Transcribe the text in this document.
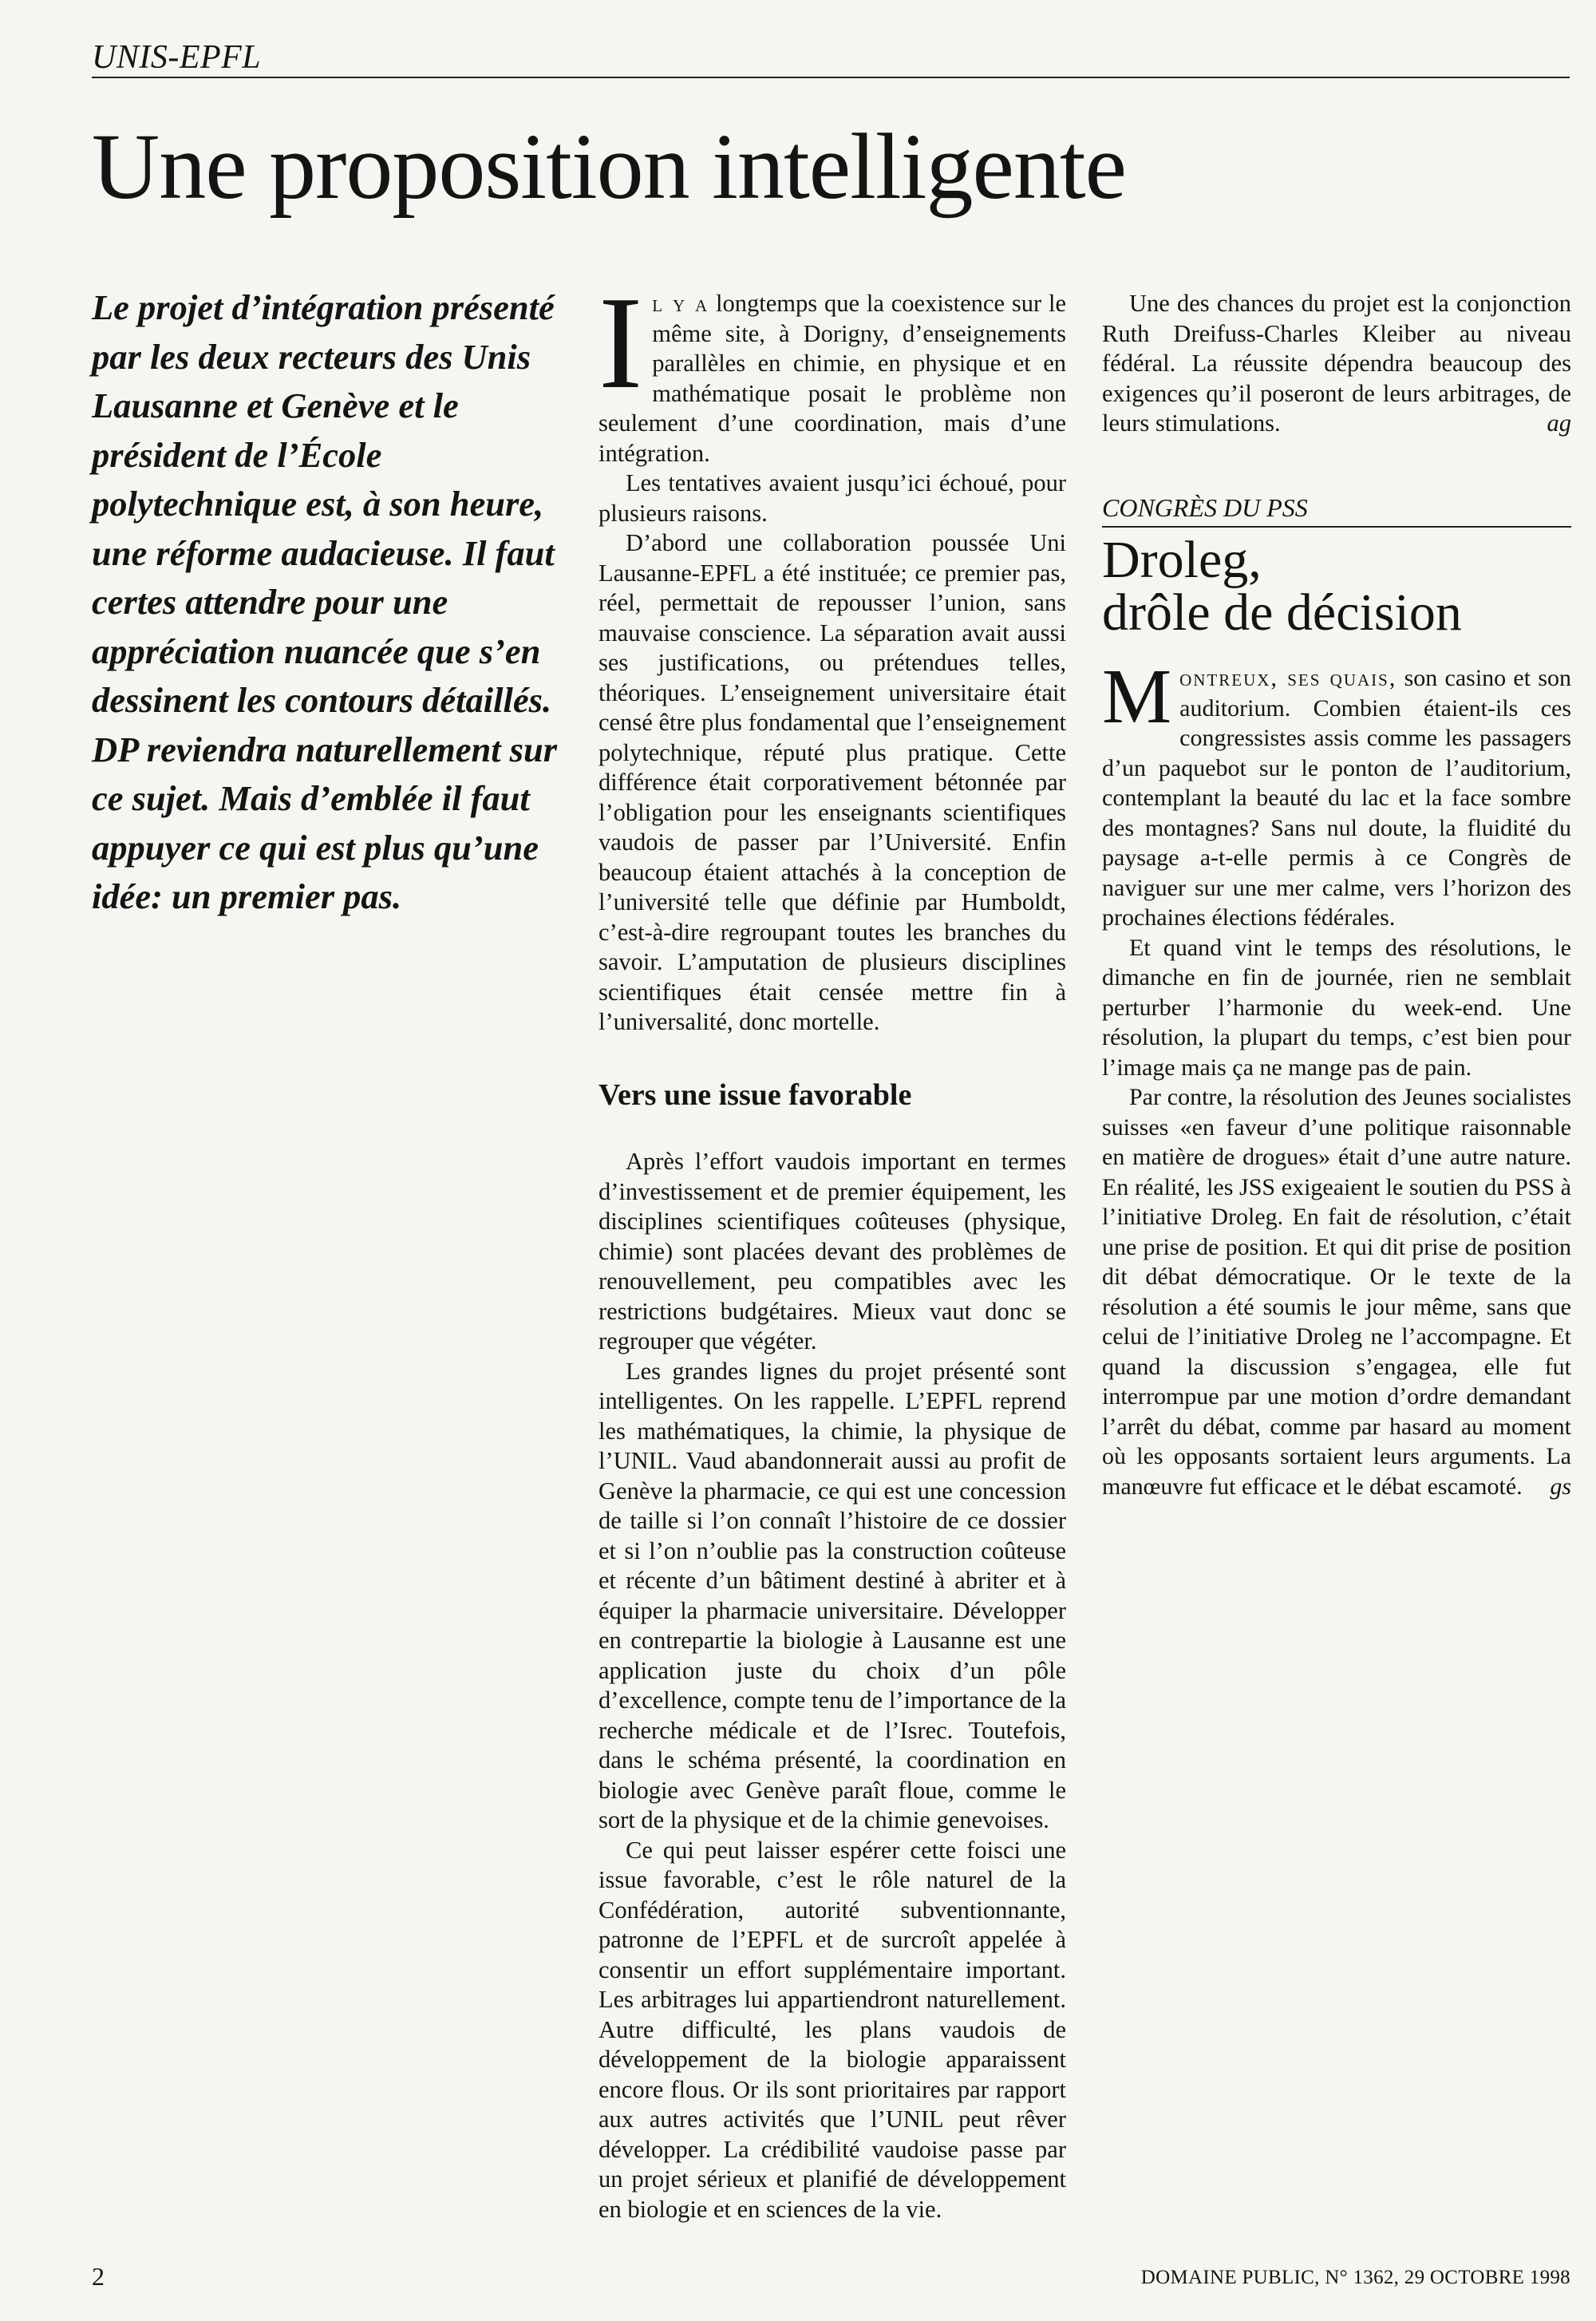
UNIS-EPFL
Une proposition intelligente

Le projet d’intégration présenté par les deux recteurs des Unis Lausanne et Genève et le président de l’École polytechnique est, à son heure, une réforme audacieuse. Il faut certes attendre pour une appréciation nuancée que s’en dessinent les contours détaillés. DP reviendra naturellement sur ce sujet. Mais d’emblée il faut appuyer ce qui est plus qu’une idée: un premier pas.

Il y a longtemps que la coexistence sur le même site, à Dorigny, d’enseignements parallèles en chimie, en physique et en mathématique posait le problème non seulement d’une coordination, mais d’une intégration.

Les tentatives avaient jusqu’ici échoué, pour plusieurs raisons.

D’abord une collaboration poussée Uni Lausanne-EPFL a été instituée; ce premier pas, réel, permettait de repousser l’union, sans mauvaise conscience. La séparation avait aussi ses justifications, ou prétendues telles, théoriques. L’enseignement universitaire était censé être plus fondamental que l’enseignement polytechnique, réputé plus pratique. Cette différence était corporativement bétonnée par l’obligation pour les enseignants scientifiques vaudois de passer par l’Université. Enfin beaucoup étaient attachés à la conception de l’université telle que définie par Humboldt, c’est-à-dire regroupant toutes les branches du savoir. L’amputation de plusieurs disciplines scientifiques était censée mettre fin à l’universalité, donc mortelle.

Vers une issue favorable

Après l’effort vaudois important en termes d’investissement et de premier équipement, les disciplines scientifiques coûteuses (physique, chimie) sont placées devant des problèmes de renouvellement, peu compatibles avec les restrictions budgétaires. Mieux vaut donc se regrouper que végéter.

Les grandes lignes du projet présenté sont intelligentes. On les rappelle. L’EPFL reprend les mathématiques, la chimie, la physique de l’UNIL. Vaud abandonnerait aussi au profit de Genève la pharmacie, ce qui est une concession de taille si l’on connaît l’histoire de ce dossier et si l’on n’oublie pas la construction coûteuse et récente d’un bâtiment destiné à abriter et à équiper la pharmacie universitaire. Développer en contrepartie la biologie à Lausanne est une application juste du choix d’un pôle d’excellence, compte tenu de l’importance de la recherche médicale et de l’Isrec. Toutefois, dans le schéma présenté, la coordination en biologie avec Genève paraît floue, comme le sort de la physique et de la chimie genevoises.

Ce qui peut laisser espérer cette foisci une issue favorable, c’est le rôle naturel de la Confédération, autorité subventionnante, patronne de l’EPFL et de surcroît appelée à consentir un effort supplémentaire important. Les arbitrages lui appartiendront naturellement. Autre difficulté, les plans vaudois de développement de la biologie apparaissent encore flous. Or ils sont prioritaires par rapport aux autres activités que l’UNIL peut rêver développer. La crédibilité vaudoise passe par un projet sérieux et planifié de développement en biologie et en sciences de la vie.

Une des chances du projet est la conjonction Ruth Dreifuss-Charles Kleiber au niveau fédéral. La réussite dépendra beaucoup des exigences qu’il poseront de leurs arbitrages, de leurs stimulations.	ag

CONGRÈS DU PSS
Droleg,
drôle de décision

Montreux, ses quais, son casino et son auditorium. Combien étaient-ils ces congressistes assis comme les passagers d’un paquebot sur le ponton de l’auditorium, contemplant la beauté du lac et la face sombre des montagnes? Sans nul doute, la fluidité du paysage a-t-elle permis à ce Congrès de naviguer sur une mer calme, vers l’horizon des prochaines élections fédérales.

Et quand vint le temps des résolutions, le dimanche en fin de journée, rien ne semblait perturber l’harmonie du week-end. Une résolution, la plupart du temps, c’est bien pour l’image mais ça ne mange pas de pain.

Par contre, la résolution des Jeunes socialistes suisses «en faveur d’une politique raisonnable en matière de drogues» était d’une autre nature. En réalité, les JSS exigeaient le soutien du PSS à l’initiative Droleg. En fait de résolution, c’était une prise de position. Et qui dit prise de position dit débat démocratique. Or le texte de la résolution a été soumis le jour même, sans que celui de l’initiative Droleg ne l’accompagne. Et quand la discussion s’engagea, elle fut interrompue par une motion d’ordre demandant l’arrêt du débat, comme par hasard au moment où les opposants sortaient leurs arguments. La manœuvre fut efficace et le débat escamoté.	gs

2	DOMAINE PUBLIC, N° 1362, 29 OCTOBRE 1998
